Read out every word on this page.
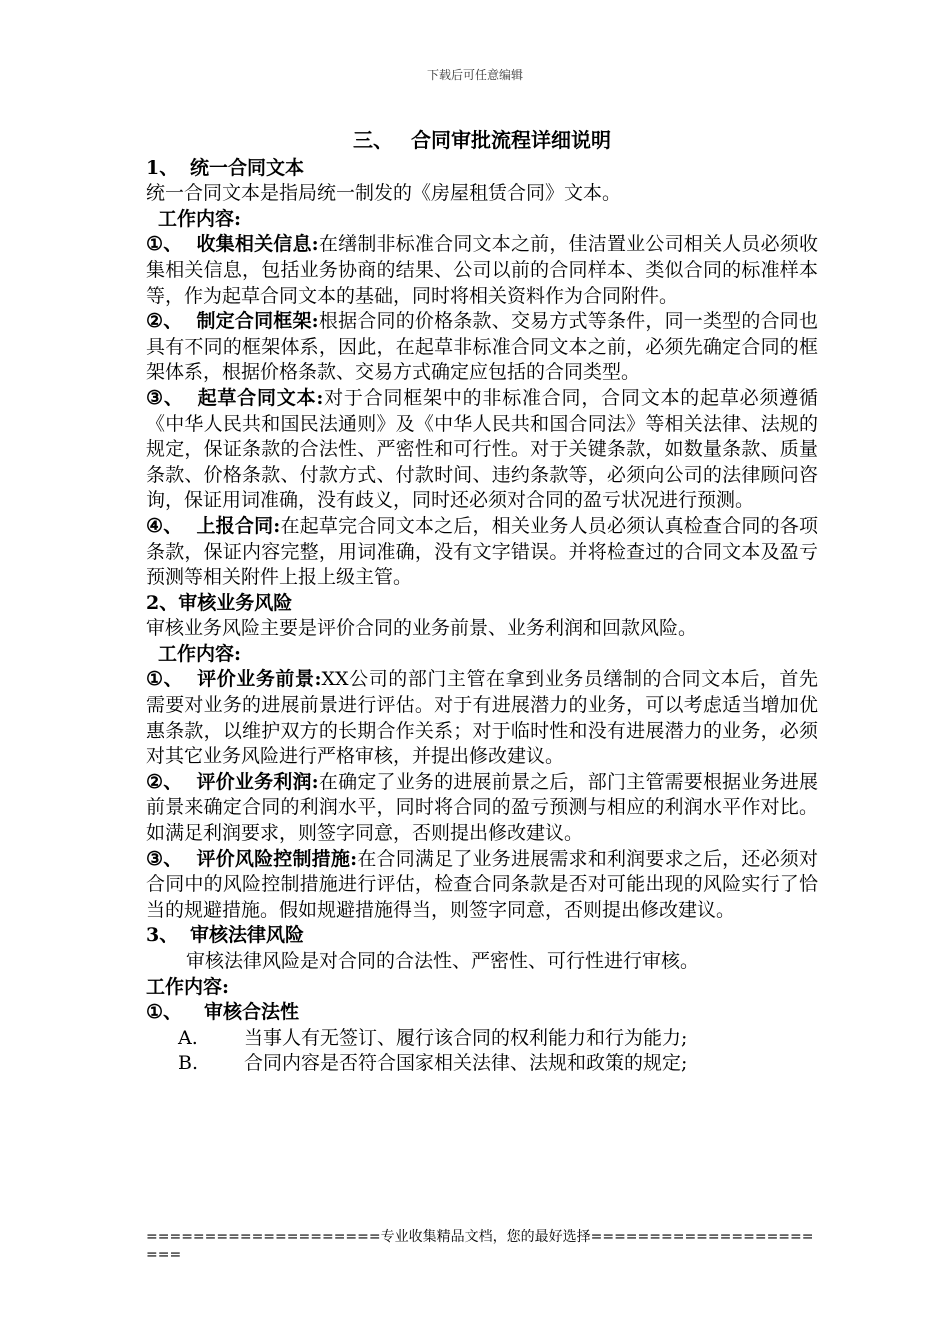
下载后可任意编辑
三、 合同审批流程详细说明
1、 统一合同文本

统一合同文本是指局统一制发的《房屋租赁合同》文本。

工作内容:

①、 收集相关信息:在缮制非标准合同文本之前，佳洁置业公司相关人员必须收集相关信息，包括业务协商的结果、公司以前的合同样本、类似合同的标准样本等，作为起草合同文本的基础，同时将相关资料作为合同附件。

②、 制定合同框架:根据合同的价格条款、交易方式等条件，同一类型的合同也具有不同的框架体系，因此，在起草非标准合同文本之前，必须先确定合同的框架体系，根据价格条款、交易方式确定应包括的合同类型。

③、 起草合同文本:对于合同框架中的非标准合同，合同文本的起草必须遵循《中华人民共和国民法通则》及《中华人民共和国合同法》等相关法律、法规的规定，保证条款的合法性、严密性和可行性。对于关键条款，如数量条款、质量条款、价格条款、付款方式、付款时间、违约条款等，必须向公司的法律顾问咨询，保证用词准确，没有歧义，同时还必须对合同的盈亏状况进行预测。

④、 上报合同:在起草完合同文本之后，相关业务人员必须认真检查合同的各项条款，保证内容完整，用词准确，没有文字错误。并将检查过的合同文本及盈亏预测等相关附件上报上级主管。

2、审核业务风险

审核业务风险主要是评价合同的业务前景、业务利润和回款风险。

工作内容:

①、 评价业务前景:XX公司的部门主管在拿到业务员缮制的合同文本后，首先需要对业务的进展前景进行评估。对于有进展潜力的业务，可以考虑适当增加优惠条款，以维护双方的长期合作关系；对于临时性和没有进展潜力的业务，必须对其它业务风险进行严格审核，并提出修改建议。

②、 评价业务利润:在确定了业务的进展前景之后，部门主管需要根据业务进展前景来确定合同的利润水平，同时将合同的盈亏预测与相应的利润水平作对比。如满足利润要求，则签字同意，否则提出修改建议。

③、 评价风险控制措施:在合同满足了业务进展需求和利润要求之后，还必须对合同中的风险控制措施进行评估，检查合同条款是否对可能出现的风险实行了恰当的规避措施。假如规避措施得当，则签字同意，否则提出修改建议。

3、 审核法律风险

审核法律风险是对合同的合法性、严密性、可行性进行审核。

工作内容:
①、 审核合法性

A. 当事人有无签订、履行该合同的权利能力和行为能力;

B. 合同内容是否符合国家相关法律、法规和政策的规定;

====================专业收集精品文档，您的最好选择======================
